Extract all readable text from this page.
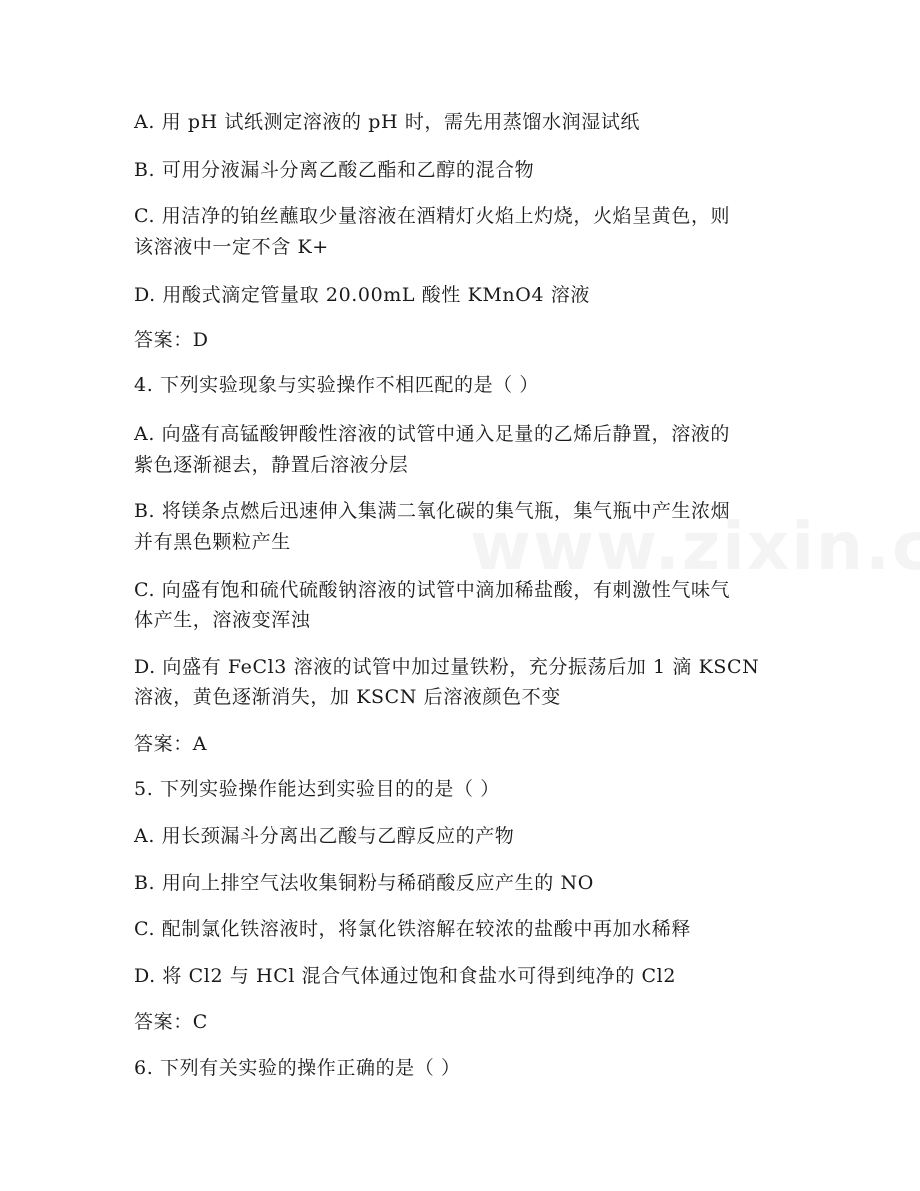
A. 用 pH 试纸测定溶液的 pH 时，需先用蒸馏水润湿试纸
B. 可用分液漏斗分离乙酸乙酯和乙醇的混合物
C. 用洁净的铂丝蘸取少量溶液在酒精灯火焰上灼烧，火焰呈黄色，则
该溶液中一定不含 K+
D. 用酸式滴定管量取 20.00mL 酸性 KMnO4 溶液
答案：D
4. 下列实验现象与实验操作不相匹配的是（ ）
A. 向盛有高锰酸钾酸性溶液的试管中通入足量的乙烯后静置，溶液的
紫色逐渐褪去，静置后溶液分层
B. 将镁条点燃后迅速伸入集满二氧化碳的集气瓶，集气瓶中产生浓烟
并有黑色颗粒产生
C. 向盛有饱和硫代硫酸钠溶液的试管中滴加稀盐酸，有刺激性气味气
体产生，溶液变浑浊
D. 向盛有 FeCl3 溶液的试管中加过量铁粉，充分振荡后加 1 滴 KSCN
溶液，黄色逐渐消失，加 KSCN 后溶液颜色不变
答案：A
5. 下列实验操作能达到实验目的的是（ ）
A. 用长颈漏斗分离出乙酸与乙醇反应的产物
B. 用向上排空气法收集铜粉与稀硝酸反应产生的 NO
C. 配制氯化铁溶液时，将氯化铁溶解在较浓的盐酸中再加水稀释
D. 将 Cl2 与 HCl 混合气体通过饱和食盐水可得到纯净的 Cl2
答案：C
6. 下列有关实验的操作正确的是（ ）
